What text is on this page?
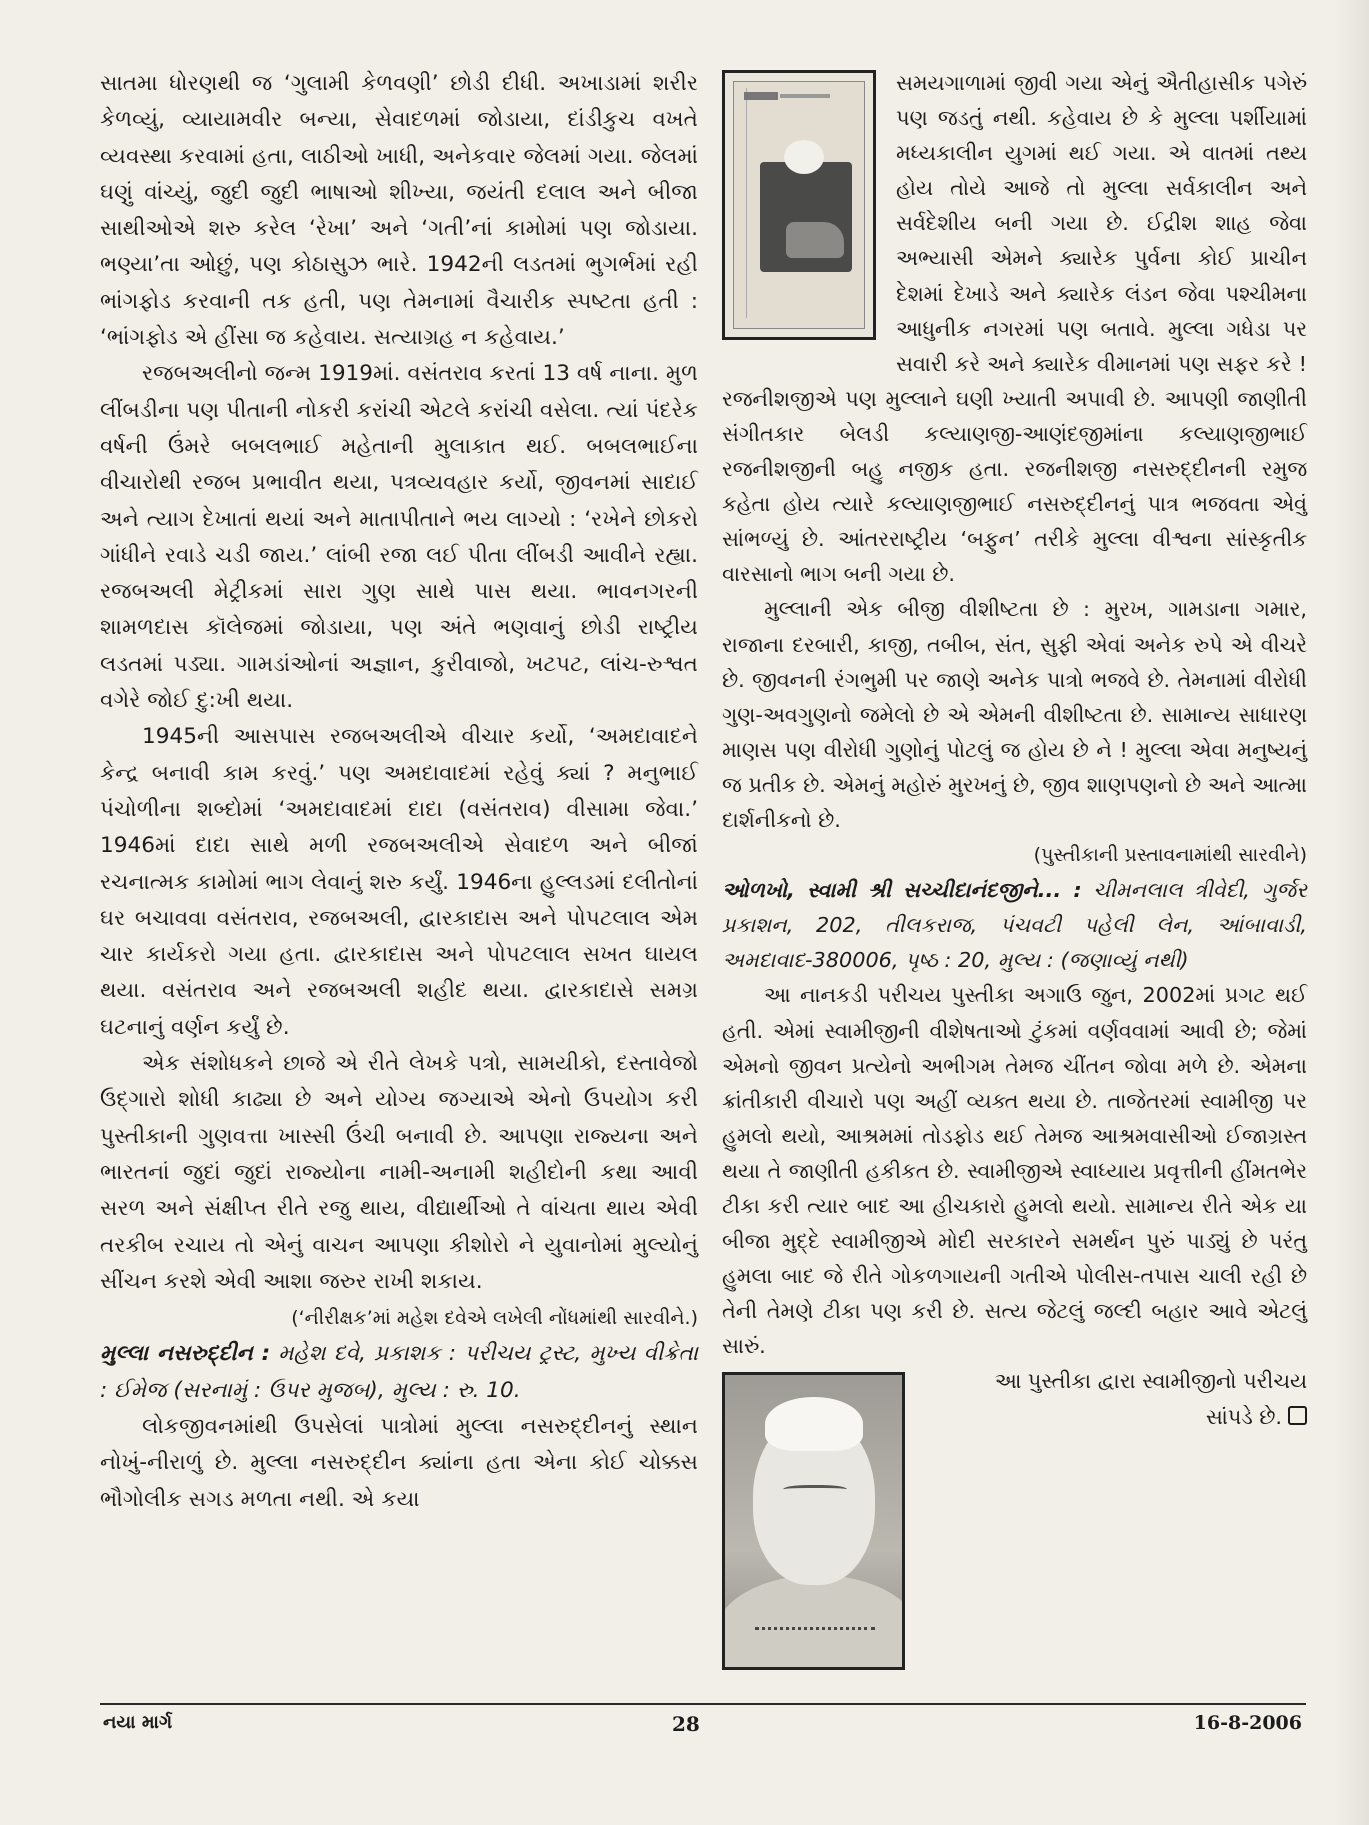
સાતમા ધોરણથી જ ‘ગુલામી કેળવણી’ છોડી દીધી. અખાડામાં શરીર કેળવ્યું, વ્યાયામવીર બન્યા, સેવાદળમાં જોડાયા, દાંડીકુચ વખતે વ્યવસ્થા કરવામાં હતા, લાઠીઓ ખાધી, અનેકવાર જેલમાં ગયા. જેલમાં ઘણું વાંચ્યું, જુદી જુદી ભાષાઓ શીખ્યા, જયંતી દલાલ અને બીજા સાથીઓએ શરુ કરેલ ‘રેખા’ અને ‘ગતી’નાં કામોમાં પણ જોડાયા. ભણ્યા’તા ઓછું, પણ કોઠાસુઝ ભારે. 1942ની લડતમાં ભુગર્ભમાં રહી ભાંગફોડ કરવાની તક હતી, પણ તેમનામાં વૈચારીક સ્પષ્ટતા હતી : ‘ભાંગફોડ એ હીંસા જ કહેવાય. સત્યાગ્રહ ન કહેવાય.’

રજબઅલીનો જન્મ 1919માં. વસંતરાવ કરતાં 13 વર્ષ નાના. મુળ લીંબડીના પણ પીતાની નોકરી કરાંચી એટલે કરાંચી વસેલા. ત્યાં પંદરેક વર્ષની ઉંમરે બબલભાઈ મહેતાની મુલાકાત થઈ. બબલભાઈના વીચારોથી રજબ પ્રભાવીત થયા, પત્રવ્યવહાર કર્યો, જીવનમાં સાદાઈ અને ત્યાગ દેખાતાં થયાં અને માતાપીતાને ભય લાગ્યો : ‘રખેને છોકરો ગાંધીને રવાડે ચડી જાય.’ લાંબી રજા લઈ પીતા લીંબડી આવીને રહ્યા. રજબઅલી મેટ્રીકમાં સારા ગુણ સાથે પાસ થયા. ભાવનગરની શામળદાસ કૉલેજમાં જોડાયા, પણ અંતે ભણવાનું છોડી રાષ્ટ્રીય લડતમાં પડ્યા. ગામડાંઓનાં અજ્ઞાન, કુરીવાજો, ખટપટ, લાંચ-રુશ્વત વગેરે જોઈ દુ:ખી થયા.

1945ની આસપાસ રજબઅલીએ વીચાર કર્યો, ‘અમદાવાદને કેન્દ્ર બનાવી કામ કરવું.’ પણ અમદાવાદમાં રહેવું ક્યાં ? મનુભાઈ પંચોળીના શબ્દોમાં ‘અમદાવાદમાં દાદા (વસંતરાવ) વીસામા જેવા.’ 1946માં દાદા સાથે મળી રજબઅલીએ સેવાદળ અને બીજાં રચનાત્મક કામોમાં ભાગ લેવાનું શરુ કર્યું. 1946ના હુલ્લડમાં દલીતોનાં ઘર બચાવવા વસંતરાવ, રજબઅલી, દ્વારકાદાસ અને પોપટલાલ એમ ચાર કાર્યકરો ગયા હતા. દ્વારકાદાસ અને પોપટલાલ સખત ઘાયલ થયા. વસંતરાવ અને રજબઅલી શહીદ થયા. દ્વારકાદાસે સમગ્ર ઘટનાનું વર્ણન કર્યું છે.

એક સંશોધકને છાજે એ રીતે લેખકે પત્રો, સામયીકો, દસ્તાવેજો ઉદ્ગારો શોધી કાઢ્યા છે અને યોગ્ય જગ્યાએ એનો ઉપયોગ કરી પુસ્તીકાની ગુણવત્તા ખાસ્સી ઉંચી બનાવી છે. આપણા રાજ્યના અને ભારતનાં જુદાં જુદાં રાજ્યોના નામી-અનામી શહીદોની કથા આવી સરળ અને સંક્ષીપ્ત રીતે રજુ થાય, વીદ્યાર્થીઓ તે વાંચતા થાય એવી તરકીબ રચાય તો એનું વાચન આપણા કીશોરો ને યુવાનોમાં મુલ્યોનું સીંચન કરશે એવી આશા જરુર રાખી શકાય.

(‘નીરીક્ષક’માં મહેશ દવેએ લખેલી નોંધમાંથી સારવીને.)

મુલ્લા નસરુદ્દીન : મહેશ દવે, પ્રકાશક : પરીચય ટ્રસ્ટ, મુખ્ય વીક્રેતા : ઈમેજ (સરનામું : ઉપર મુજબ), મુલ્ય : રુ. 10.

લોકજીવનમાંથી ઉપસેલાં પાત્રોમાં મુલ્લા નસરુદ્દીનનું સ્થાન નોખું-નીરાળું છે. મુલ્લા નસરુદ્દીન ક્યાંના હતા એના કોઈ ચોક્કસ ભૌગોલીક સગડ મળતા નથી. એ કયા

સમયગાળામાં જીવી ગયા એનું ઐતીહાસીક પગેરું પણ જડતું નથી. કહેવાય છે કે મુલ્લા પર્શીયામાં મધ્યકાલીન યુગમાં થઈ ગયા. એ વાતમાં તથ્ય હોય તોયે આજે તો મુલ્લા સર્વકાલીન અને સર્વદેશીય બની ગયા છે. ઈદ્રીશ શાહ જેવા અભ્યાસી એમને ક્યારેક પુર્વના કોઈ પ્રાચીન દેશમાં દેખાડે અને ક્યારેક લંડન જેવા પશ્ચીમના આધુનીક નગરમાં પણ બતાવે. મુલ્લા ગધેડા પર સવારી કરે અને ક્યારેક વીમાનમાં પણ સફર કરે ! રજનીશજીએ પણ મુલ્લાને ઘણી ખ્યાતી અપાવી છે. આપણી જાણીતી સંગીતકાર બેલડી કલ્યાણજી-આણંદજીમાંના કલ્યાણજીભાઈ રજનીશજીની બહુ નજીક હતા. રજનીશજી નસરુદ્દીનની રમુજ કહેતા હોય ત્યારે કલ્યાણજીભાઈ નસરુદ્દીનનું પાત્ર ભજવતા એવું સાંભળ્યું છે. આંતરરાષ્ટ્રીય ‘બફુન’ તરીકે મુલ્લા વીશ્વના સાંસ્કૃતીક વારસાનો ભાગ બની ગયા છે.

મુલ્લાની એક બીજી વીશીષ્ટતા છે : મુરખ, ગામડાના ગમાર, રાજાના દરબારી, કાજી, તબીબ, સંત, સુફી એવાં અનેક રુપે એ વીચરે છે. જીવનની રંગભુમી પર જાણે અનેક પાત્રો ભજવે છે. તેમનામાં વીરોધી ગુણ-અવગુણનો જમેલો છે એ એમની વીશીષ્ટતા છે. સામાન્ય સાધારણ માણસ પણ વીરોધી ગુણોનું પોટલું જ હોય છે ને ! મુલ્લા એવા મનુષ્યનું જ પ્રતીક છે. એમનું મહોરું મુરખનું છે, જીવ શાણપણનો છે અને આત્મા દાર્શનીકનો છે.

(પુસ્તીકાની પ્રસ્તાવનામાંથી સારવીને)

ઓળખો, સ્વામી શ્રી સચ્ચીદાનંદજીને... : ચીમનલાલ ત્રીવેદી, ગુર્જર પ્રકાશન, 202, તીલકરાજ, પંચવટી પહેલી લેન, આંબાવાડી, અમદાવાદ-380006, પૃષ્ઠ : 20, મુલ્ય : (જણાવ્યું નથી)

આ નાનકડી પરીચય પુસ્તીકા અગાઉ જુન, 2002માં પ્રગટ થઈ હતી. એમાં સ્વામીજીની વીશેષતાઓ ટુંકમાં વર્ણવવામાં આવી છે; જેમાં એમનો જીવન પ્રત્યેનો અભીગમ તેમજ ચીંતન જોવા મળે છે. એમના ક્રાંતીકારી વીચારો પણ અહીં વ્યક્ત થયા છે. તાજેતરમાં સ્વામીજી પર હુમલો થયો, આશ્રમમાં તોડફોડ થઈ તેમજ આશ્રમવાસીઓ ઈજાગ્રસ્ત થયા તે જાણીતી હકીકત છે. સ્વામીજીએ સ્વાધ્યાય પ્રવૃત્તીની હીંમતભેર ટીકા કરી ત્યાર બાદ આ હીચકારો હુમલો થયો. સામાન્ય રીતે એક યા બીજા મુદ્દે સ્વામીજીએ મોદી સરકારને સમર્થન પુરું પાડ્યું છે પરંતુ હુમલા બાદ જે રીતે ગોકળગાયની ગતીએ પોલીસ-તપાસ ચાલી રહી છે તેની તેમણે ટીકા પણ કરી છે. સત્ય જેટલું જલ્દી બહાર આવે એટલું સારું.

આ પુસ્તીકા દ્વારા સ્વામીજીનો પરીચય સાંપડે છે.

નયા માર્ગ	28	16-8-2006
